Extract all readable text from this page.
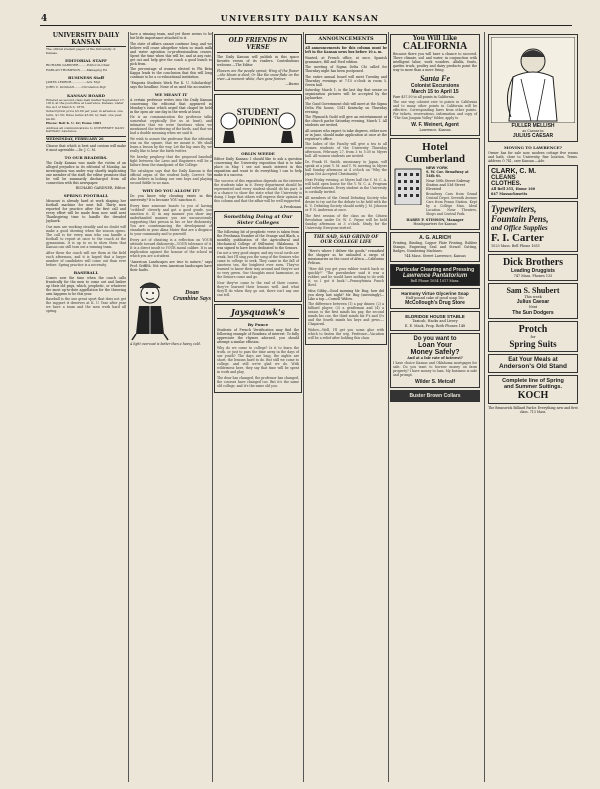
4	UNIVERSITY DAILY KANSAN
UNIVERSITY DAILY KANSAN

The official student paper of the University of Kansas.

EDITORIAL STAFF

RICHARD GARDNER.........Editor-in-Chief

HARLAN THOMPSON.......Managing Ed

BUSINESS Staff

JAMES LEDBUR................Adv. Mgr

JOHN C. KOGGAN........Circulation Mgr

KANSAN BOARD

Entered as second-class mail matter September 17, 1910, at the postoffice at Lawrence, Kansas, under the Act of March 3, 1879.

Subscription price $3.00 per year, in advance; one term, $1.50; three terms $3.00; by mail, one year, $4.00.

Phone: Bell K. U. 42; Home 1081

Address all communications to UNIVERSITY DAILY KANSAN, Lawrence

WEDNESDAY, FEBRUARY 26

Choose that which is best and custom will make it most agreeable.—Dr. J. C. M.

TO OUR READERS.

The Daily Kansan was made the victim of an alleged prejudice in its editorial of Monday. An investigation was under way shortly implicating one member of the staff, the editor promises that he will be summarily discharged from all connection with this newspaper.

RICHARD GARDNER, Editor.
SPRING FOOTBALL

Missouri is already hard at work shaping her football machine for next fall. Thirty men reported for practice after the first call and every effort will be made from now until next Thanksgiving time to handle the dreaded Jayhawk.

Our men are working steadily and no doubt will make a good showing when the season opens. The call is for every man who can handle a football to report at once to the coach at the gymnasium. It is up to us to show them that Kansas can still turn out a winning team.

After these the coach will see them at the field each afternoon, and it is hoped that a larger number of candidates will come out than ever before. Spring practice is a necessity.

BASEBALL

Comes now the time when the coach calls frantically for the men to come out and limber up their old pegs, which, prophetic, or whatever the most up-to-date appellation for the throwing arm happens to be this year.

Baseball is the one great sport that does not get the support it deserves at K. U. Year after year we have a team and the men work hard all spring.

have a winning team, and yet there seems to be but little importance attached to it.

The state of affairs cannot continue long, and we believe will cease altogether when so much milk and water agitation co-professionalism ceases. Spent the time when this will be, and at any rate, get out and help give the coach a good bunch to pick from.

The percentage of women elected to Phi Beta Kappa leads to the conclusion that this will long continue to be a co-educational institution.

"Emporia Students Work For K. U. Scholarship" says the headline. None of us used the accusative.

WE MEANT IT

A certain professor writes into the Daily Kansan concerning the editorial that appeared in Monday's issue which urged that chapel be held in the open air one day in the week at least.

He is an communication the professor talks somewhat cryptically (for us at least), and intimates that we were facetious when we mentioned the twittering of the birds, and that we had a double meaning when we said it.

We wish to assure the professor that the editorial was on the square, that we meant it. We shall learn a lesson by the way. Let the big ones fly; we really like to hear the birds twitter.

We hereby prophesy that the proposed baseball fight between the Laws and Engineers will be a failure from the standpoint of the College.

The catalogue says that the Daily Kansan is the official organ of the student body. Correct. We also believe in looking our own boys and playing second fiddle to no man.

WHY DO YOU ALLOW IT?

Do you know why cheating exists in this university? It is because YOU sanction it.

Every time someone boasts to you of having "cribbed" cleverly and got a good grade, you sanction it. If, in any manner you show any underhanded manner, you are unconsciously supporting that person in his or her dishonesty. You are countenancing the development of standards in your Alma Mater that are a disgrace to your community and to yourself.

Every act of cheating is a reflection on YOUR attitude toward dishonesty—YOUR tolerance of it. It is a direct insult to YOUR moral calibre. It is an implication against the honour of the school in which you are a student.

"American Landscapes are true to nature," says Prof. Griffith. Not even American landscapes have their faults.

Doan Crumbine Says

A light overcoat is better than a heavy cold.

OLD FRIENDS IN VERSE

The Daily Kansan will publish in this space favorite verses of its readers. Contributions welcome.—The Editor.

Flowers are the people sprout; Wing of the flower—the bloom is shed; Or like the snow-flake on the river—A moment white, then gone forever.

—Burns
STUDENT OPINION
ORLIN WEEDE

Editor Daily Kansan: I should like to ask a question concerning the University exposition that is to take place in May. I see not much interest in this exposition and want to do everything I can to help make it a success.

The success of this exposition depends on the interest the students take in it. Every department should be represented and every student should do his part. It is a chance to show the state what the University is doing. I hope that others will express their opinion in this column and that the affair will be well supported.

A Freshman.
Something Doing at Our Sister Colleges

The following bit of prophetic verse is taken from the Freshman Number of the Orange and Black, a monthly publication of the Agricultural and Mechanical College of Stillwater, Oklahoma. It was signed to have been dedicated to the Seniors.

I'm not a very good singer, and my vocal cords are weak, but I'll sing you the song of the Seniors who came to college to seek. They came in the fall of nineteen ten, the brightest ever seen. They've learned to know their way around and they're not so very green. Our thoughts must harmonize, as the Seniors come and go.

Now they've come to the end of their course, they've learned their lessons well. And what they'll do when they go out, there isn't any one can tell.

Jaysquawk's
By Ponce

Students of French Versification may find the following example of Rondeau of interest. To fully appreciate the rhymes adorned, you should attempt a similar effusion.

Why do we come to college? Is it to learn the truth, or just to pass the time away in the days of our youth? The days are long, the nights are short, the lessons hard to do. But still we come to college, and still we're glad we do. With wilderness here, they say that time will be spent in work and play.

The dear has changed, the professor has changed, the courses have changed too. But it's the same old college, and it's the same old you.

ANNOUNCEMENTS

All announcements for this column must be left in the Kansan news box before 10 a. m.

Wanted, at French office, at once, Spanish grammars, Hill and Ford edition.

The meeting of Sigma Delta Chi called for Thursday night has been postponed.

The entire annual board will meet Tuesday and Thursday evenings at 7:15 o'clock in room 5, Green hall.

Saturday, March 1, is the last day that senior or organization pictures will be accepted by the Jayhawker.

The Good Government club will meet at the Sigma Delta Phi house, 1541 Kentucky on Thursday evening.

The Plymouth Guild will give an entertainment at the church parlor Saturday evening, March 1. All students are invited.

All seniors who expect to take degrees, either now or in June, should make application at once at the registrar's office.

The ladies of the Faculty will give a tea to all women students of the University Thursday afternoon, February 27, from 3 to 5:30 in Myers hall. All women students are invited.

Dr. Frank H. Smith, missionary to Japan, will speak at a joint Y. M. and Y. W. meeting in Myers hall Sunday afternoon at 4 o'clock on "Why the Japan Not Accepted Christianity."

Next Friday evening, at Myers hall the Y. M. C. A. will hold open house for the Y. W. C. A. Program and refreshments. Every student in the University is cordially invited.

All members of the Oread Debating Society who desire to try out for the debate to be held with the K. U. Debating Society should notify J. M. Johnson or F. N. Anderson at once.

The first session of the class on the Citizen Revolution under Dr. W. C. Payne will be held Sunday afternoon at 3 o'clock. Study for the University. Everyone invited.

THE SAD, SAD GRIND OF OUR COLLEGE LIFE

"Here's where I deliver the goods," remarked the shopper as he unloaded a cargo of missionaries on the coast of Africa.—California Pelican.

"How did you get your rubber watch back so quickly?" "The pawnbroker said it was a rubber, and he would have nothing to do with it, so I got it back."—Pennsylvania Punch Bowl.

Miss Gibby—Good morning Mr. Bug; how did you sleep last night? Mr. Bug (sneezingly)—Like a top.—Cornell Widow.

The difference between (1) a pay dinner, (2) a billiard player, (3) a gentleman and (4) a senior, is the first minds his pay, the second minds his cue, the third minds his P's and Q's and the fourth minds his keys and pews.—Chaparral.

Widow—Well, I'll get you some glue with which to fasten the wig. Professor—Vacation will be a relief after holding this class.

You Will Like
CALIFORNIA

Because there you will have a chance to succeed. There climate, soil and water, in conjunction with intelligent labor, work wonders. Alfalfa, fruits, garden truck, poultry and dairy products point the way to more than a mere living.

Santa Fe
Colonist Excursions
March 15 to April 15

Fare $37.50 to all points in California.

The one way colonist rate to points in California and to many other points in California will be effective. Corresponding fares from other points. For tickets, reservations, information and copy of "The San Joaquin Valley" folder, apply to

W. F. Weinert, Agent
Lawrence, Kansas
Hotel Cumberland
NEW YORK
S. W. Cor. Broadway at 54th St.
Near 50th Street Subway Station and 53d Street Elevated
Broadway Cars from Grand Central Depot. Seventh Avenue Cars from Penna Station. Kept by a College Man. Ideal Location. Near Theatres, Shops and Central Park.
HARRY P. STIMSON, Manager
Headquarters for Kansas
A. G. ALRICH

Printing, Binding, Copper Plate Printing, Rubber Stamps, Engraving Seal and Stencil Cutting, Badges, Numbering Machines.

744 Mass. Street Lawrence, Kansas
Particular Cleaning and Pressing
Lawrence Pantatorium
Bell Phone 1054 1017 Mass.
Harmony Virtue Glycerine Soap
Half pound cake of good soap 10c
McCollough's Drug Store
ELDRIDGE HOUSE STABLE
Taxicab, Hacks and Livery
E. E. Mack, Prop. Both Phones 148
Do you want to
Loan Your
Money Safely?
And at a fair rate of interest?

I have choice Kansas and Oklahoma mortgages for sale. Do you want to borrow money on farm property? I have money to loan. My business is safe and prompt.

Wilder S. Metcalf
Buster Brown Collars
FULLER MELLISH
as Caesar in
JULIUS CAESAR
MOVING TO LAWRENCE?

Owner has for sale now, modern cottage five rooms and bath, close to University, fine location. Terms. Address O 741, care Kansan.—Adv.

CLARK, C. M.
CLEANS
CLOTHES.
All Bell 355, Home 160
847 Massachusetts
Typewriters,
Fountain Pens,
and Office Supplies
F. I. Carter
1025 Mass. Bell Phone 1651
Dick Brothers
Leading Druggists
747 Mass. Phones 135
Sam S. Shubert
This week
Julius Caesar
Next
The Sun Dodgers
Protch
for
Spring Suits
Eat Your Meals at
Anderson's Old Stand
Complete line of Spring
and Summer Suitings.
KOCH

The Brunswick Billiard Parlor. Everything new and first class. 713 Mass.
